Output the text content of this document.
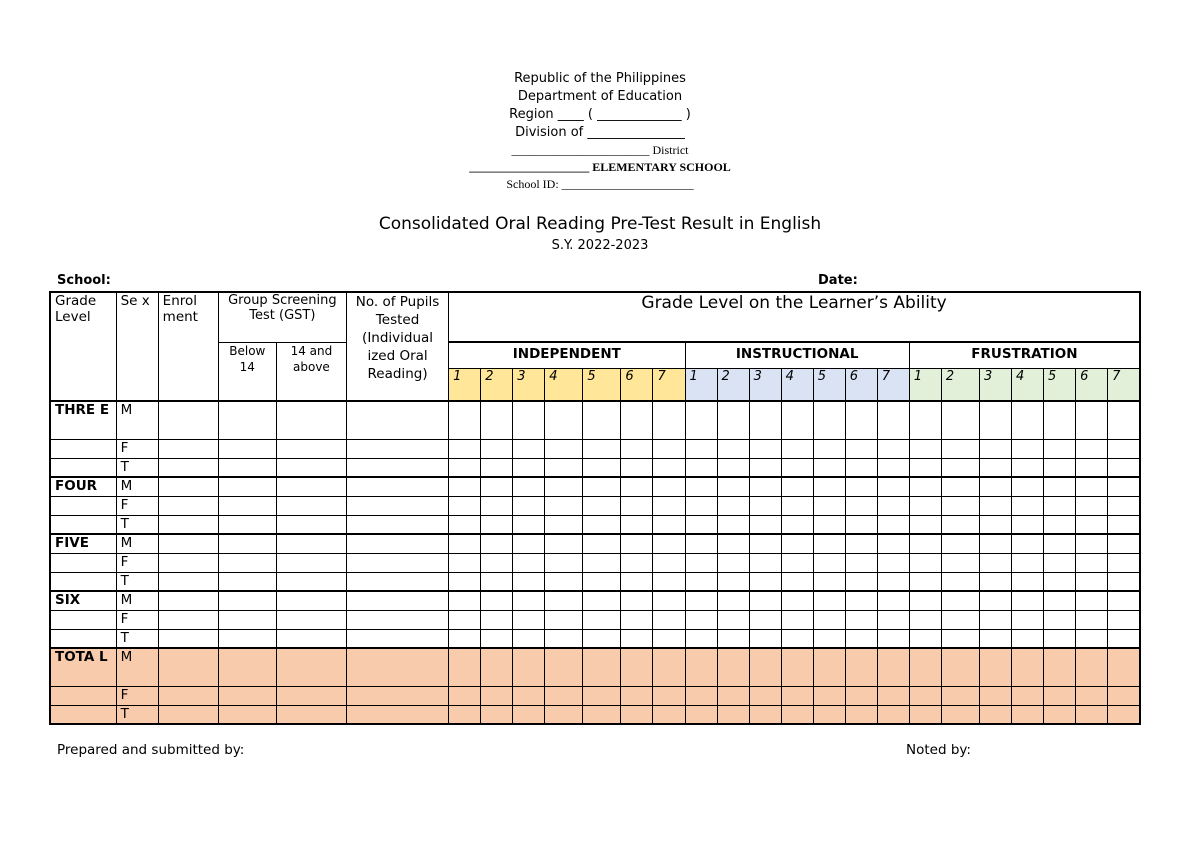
Republic of the Philippines
Department of Education
Region ____ ( _____________ )
Division of _______________
_______________________ District
____________________ ELEMENTARY SCHOOL
School ID: ______________________
Consolidated Oral Reading Pre-Test Result in English
S.Y. 2022-2023
School:	Date:
Grade Level	Se x	Enrol ment	Group Screening Test (GST)		No. of Pupils Tested (Individual ized Oral Reading)	Grade Level on the Learner’s Ability																				
			Below 14	14 and above		INDEPENDENT							INSTRUCTIONAL							FRUSTRATION						
						1	2	3	4	5	6	7	1	2	3	4	5	6	7	1	2	3	4	5	6	7
THRE E	M																									
	F																									
	T																									
FOUR	M																									
	F																									
	T																									
FIVE	M																									
	F																									
	T																									
SIX	M																									
	F																									
	T																									
TOTA L	M																									
	F																									
	T																									
Prepared and submitted by:	Noted by:
